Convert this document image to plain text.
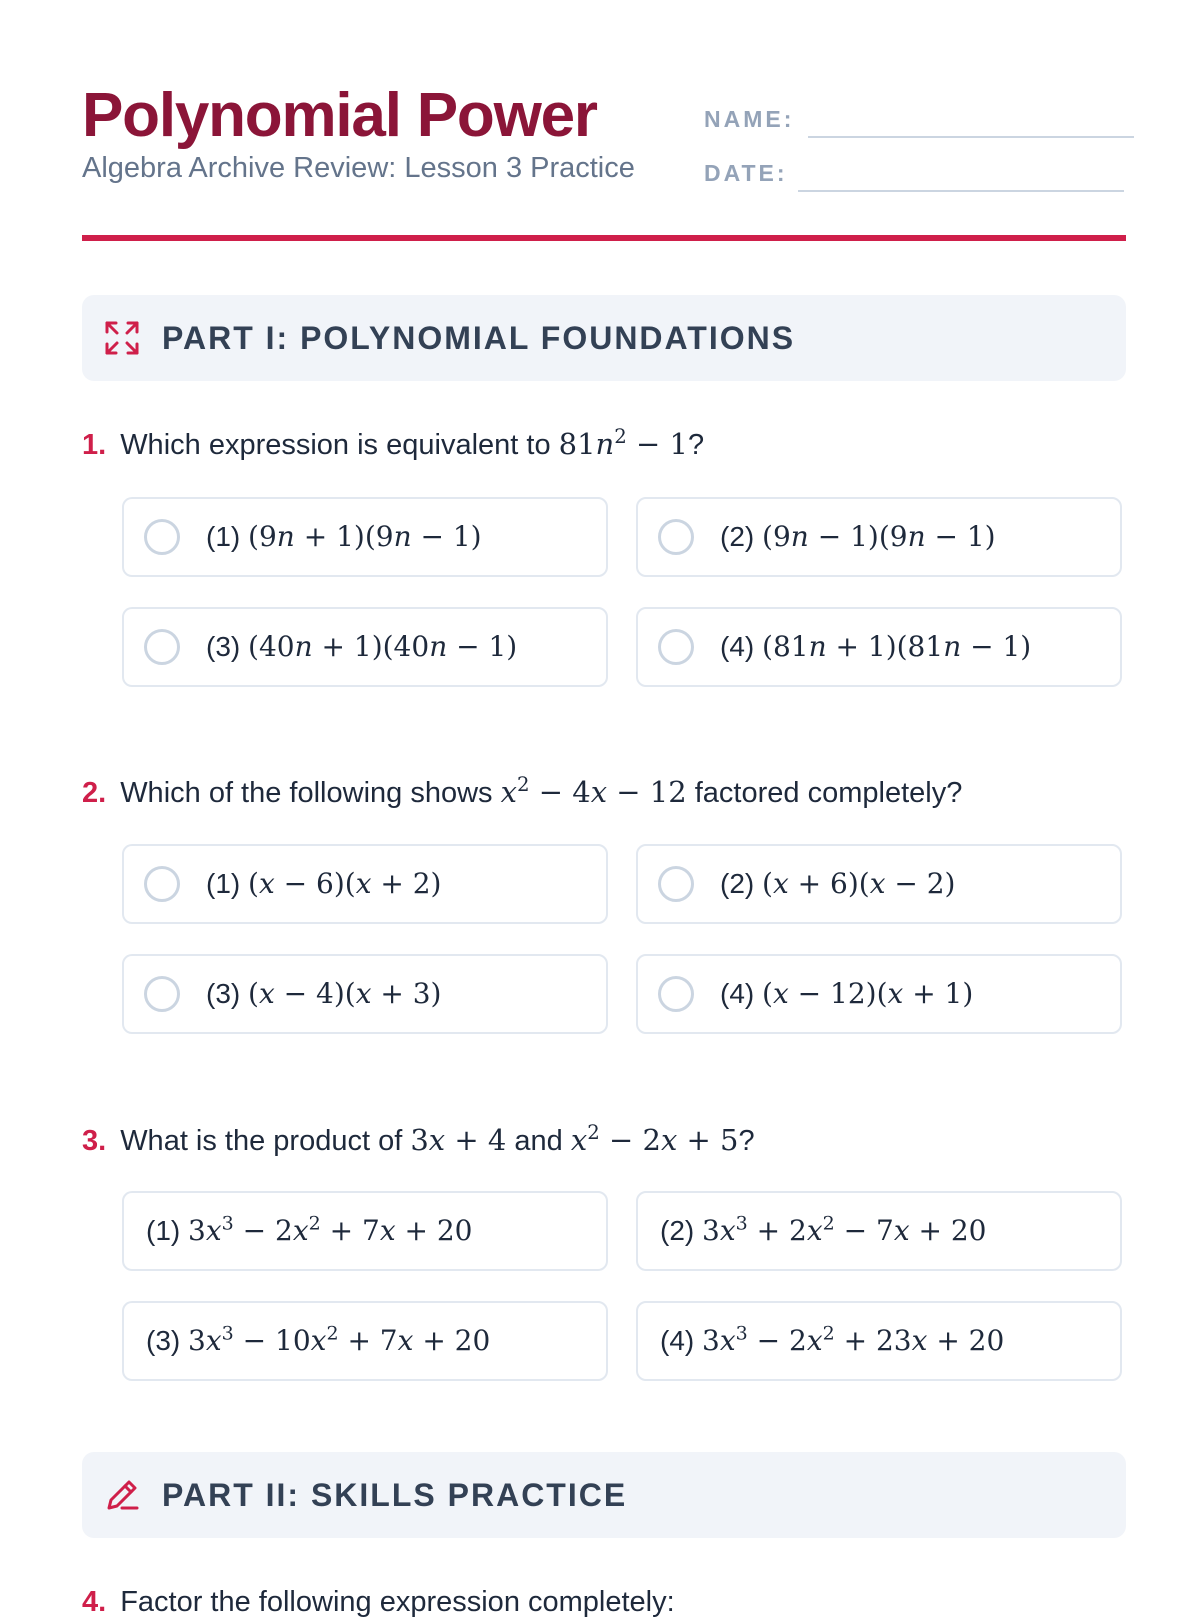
Polynomial Power

Algebra Archive Review: Lesson 3 Practice

NAME:
DATE:
PART I: POLYNOMIAL FOUNDATIONS
1. Which expression is equivalent to $81n^2 - 1$?
(1) (9n + 1)(9n − 1)	(2) (9n − 1)(9n − 1)
(3) (40n + 1)(40n − 1)	(4) (81n + 1)(81n − 1)
2. Which of the following shows $x^2 - 4x - 12$ factored completely?
(1) (x − 6)(x + 2)	(2) (x + 6)(x − 2)
(3) (x − 4)(x + 3)	(4) (x − 12)(x + 1)
3. What is the product of 3x + 4 and $x^2 - 2x + 5$?
(1) $3x^3 - 2x^2 + 7x + 20$	(2) $3x^3 + 2x^2 - 7x + 20$
(3) $3x^3 - 10x^2 + 7x + 20$	(4) $3x^3 - 2x^2 + 23x + 20$
PART II: SKILLS PRACTICE
4. Factor the following expression completely:
